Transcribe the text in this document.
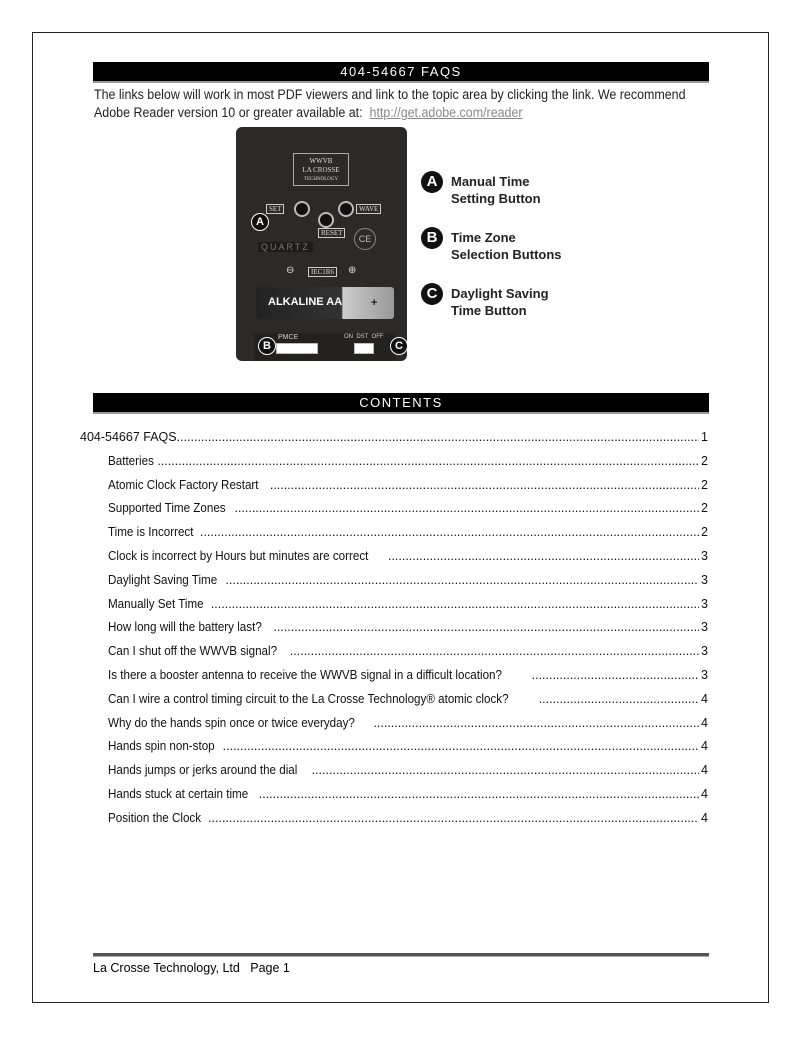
404-54667 FAQS
The links below will work in most PDF viewers and link to the topic area by clicking the link. We recommend
Adobe Reader version 10 or greater available at: http://get.adobe.com/reader
WWVB
LA CROSSE
TECHNOLOGY
SET
RESET
WAVE
CE
QUARTZ
⊖	IEC1R6	⊕
ALKALINE AA	+
PMCE	ON  DST  OFF
A
B	C
A	Manual Time
Setting Button
B	Time Zone
Selection Buttons
C	Daylight Saving
Time Button
CONTENTS
404-54667 FAQS .....	1
Batteries .....	2
Atomic Clock Factory Restart .....	2
Supported Time Zones .....	2
Time is Incorrect .....	2
Clock is incorrect by Hours but minutes are correct .....	3
Daylight Saving Time .....	3
Manually Set Time .....	3
How long will the battery last? .....	3
Can I shut off the WWVB signal? .....	3
Is there a booster antenna to receive the WWVB signal in a difficult location? .....	3
Can I wire a control timing circuit to the La Crosse Technology® atomic clock? .....	4
Why do the hands spin once or twice everyday? .....	4
Hands spin non-stop .....	4
Hands jumps or jerks around the dial .....	4
Hands stuck at certain time .....	4
Position the Clock .....	4
La Crosse Technology, Ltd   Page 1
